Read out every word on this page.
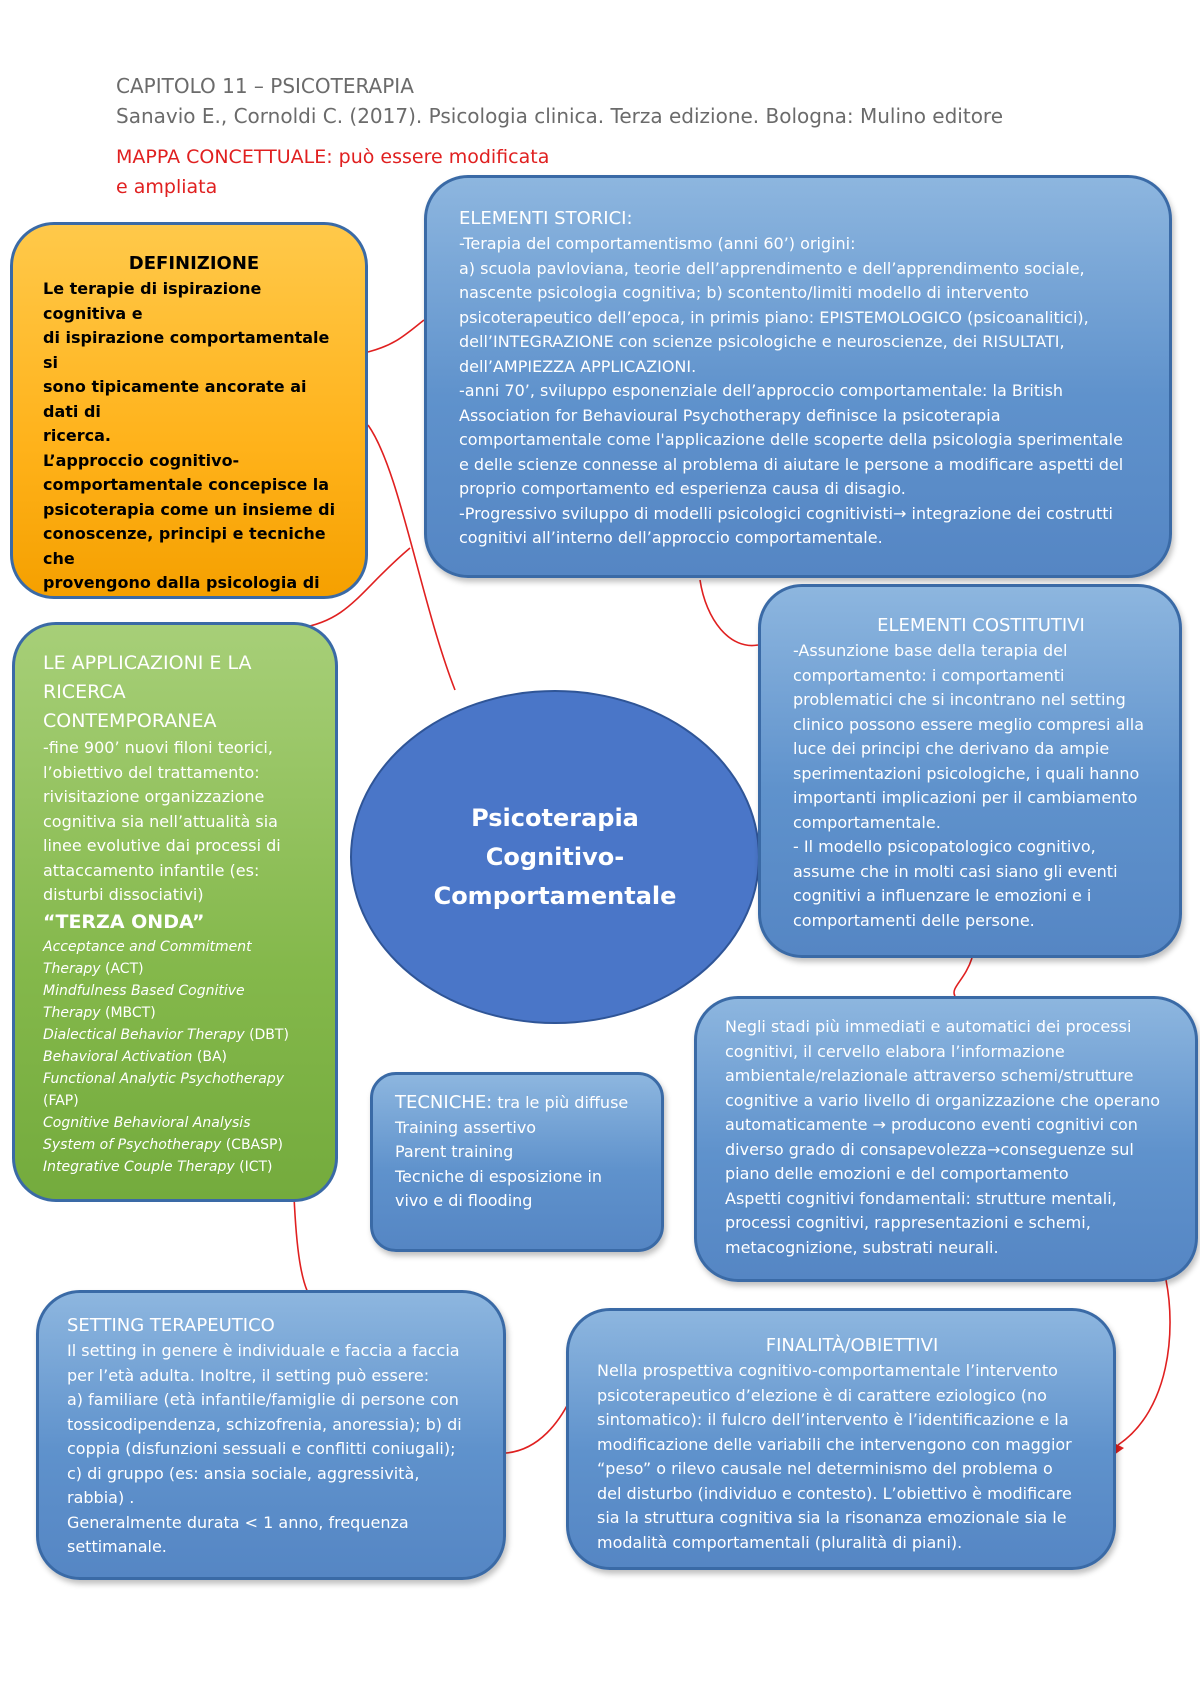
CAPITOLO 11 – PSICOTERAPIA
Sanavio E., Cornoldi C. (2017). Psicologia clinica. Terza edizione. Bologna: Mulino editore
MAPPA CONCETTUALE: può essere modificata
e ampliata
DEFINIZIONE
Le terapie di ispirazione cognitiva e
di ispirazione comportamentale si
sono tipicamente ancorate ai dati di
ricerca.
L’approccio cognitivo-
comportamentale concepisce la
psicoterapia come un insieme di
conoscenze, principi e tecniche che
provengono dalla psicologia di
ELEMENTI STORICI:
-Terapia del comportamentismo (anni 60’) origini:
a) scuola pavloviana, teorie dell’apprendimento e dell’apprendimento sociale,
nascente psicologia cognitiva; b) scontento/limiti modello di intervento
psicoterapeutico dell’epoca, in primis piano: EPISTEMOLOGICO (psicoanalitici),
dell’INTEGRAZIONE con scienze psicologiche e neuroscienze, dei RISULTATI,
dell’AMPIEZZA APPLICAZIONI.
-anni 70’, sviluppo esponenziale dell’approccio comportamentale: la British
Association for Behavioural Psychotherapy definisce la psicoterapia
comportamentale come l'applicazione delle scoperte della psicologia sperimentale
e delle scienze connesse al problema di aiutare le persone a modificare aspetti del
proprio comportamento ed esperienza causa di disagio.
-Progressivo sviluppo di modelli psicologici cognitivisti→ integrazione dei costrutti
cognitivi all’interno dell’approccio comportamentale.
LE APPLICAZIONI E LA
RICERCA
CONTEMPORANEA
-fine 900’ nuovi filoni teorici,
l’obiettivo del trattamento:
rivisitazione organizzazione
cognitiva sia nell’attualità sia
linee evolutive dai processi di
attaccamento infantile (es:
disturbi dissociativi)
“TERZA ONDA”
Acceptance and Commitment
Therapy (ACT)
Mindfulness Based Cognitive
Therapy (MBCT)
Dialectical Behavior Therapy (DBT)
Behavioral Activation (BA)
Functional Analytic Psychotherapy
(FAP)
Cognitive Behavioral Analysis
System of Psychotherapy (CBASP)
Integrative Couple Therapy (ICT)
Psicoterapia
Cognitivo-
Comportamentale
ELEMENTI COSTITUTIVI
-Assunzione base della terapia del
comportamento: i comportamenti
problematici che si incontrano nel setting
clinico possono essere meglio compresi alla
luce dei principi che derivano da ampie
sperimentazioni psicologiche, i quali hanno
importanti implicazioni per il cambiamento
comportamentale.
- Il modello psicopatologico cognitivo,
assume che in molti casi siano gli eventi
cognitivi a influenzare le emozioni e i
comportamenti delle persone.
Negli stadi più immediati e automatici dei processi
cognitivi, il cervello elabora l’informazione
ambientale/relazionale attraverso schemi/strutture
cognitive a vario livello di organizzazione che operano
automaticamente → producono eventi cognitivi con
diverso grado di consapevolezza→conseguenze sul
piano delle emozioni e del comportamento
Aspetti cognitivi fondamentali: strutture mentali,
processi cognitivi, rappresentazioni e schemi,
metacognizione, substrati neurali.
TECNICHE: tra le più diffuse
Training assertivo
Parent training
Tecniche di esposizione in
vivo e di flooding
SETTING TERAPEUTICO
Il setting in genere è individuale e faccia a faccia
per l’età adulta. Inoltre, il setting può essere:
a) familiare (età infantile/famiglie di persone con
tossicodipendenza, schizofrenia, anoressia); b) di
coppia (disfunzioni sessuali e conflitti coniugali);
c) di gruppo (es: ansia sociale, aggressività,
rabbia) .
Generalmente durata < 1 anno, frequenza
settimanale.
FINALITÀ/OBIETTIVI
Nella prospettiva cognitivo-comportamentale l’intervento
psicoterapeutico d’elezione è di carattere eziologico (no
sintomatico): il fulcro dell’intervento è l’identificazione e la
modificazione delle variabili che intervengono con maggior
“peso” o rilevo causale nel determinismo del problema o
del disturbo (individuo e contesto). L’obiettivo è modificare
sia la struttura cognitiva sia la risonanza emozionale sia le
modalità comportamentali (pluralità di piani).
